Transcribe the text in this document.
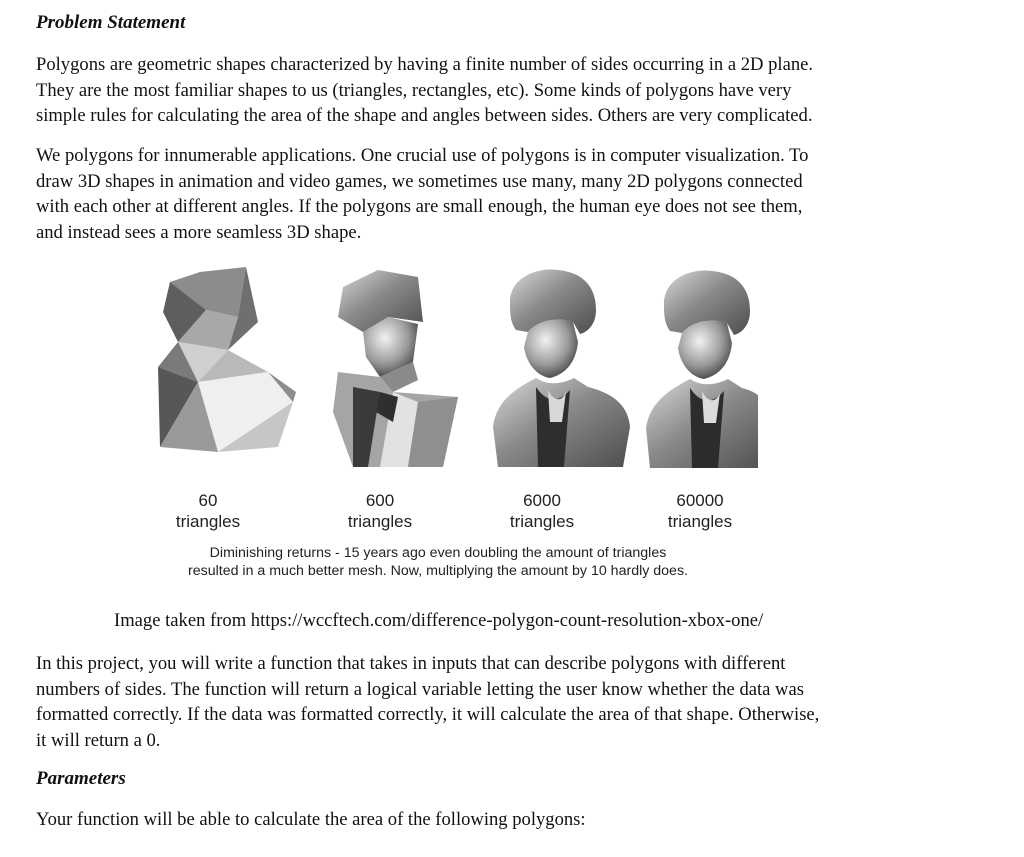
Problem Statement
Polygons are geometric shapes characterized by having a finite number of sides occurring in a 2D plane.
They are the most familiar shapes to us (triangles, rectangles, etc). Some kinds of polygons have very
simple rules for calculating the area of the shape and angles between sides. Others are very complicated.
We polygons for innumerable applications. One crucial use of polygons is in computer visualization. To
draw 3D shapes in animation and video games, we sometimes use many, many 2D polygons connected
with each other at different angles. If the polygons are small enough, the human eye does not see them,
and instead sees a more seamless 3D shape.
Image taken from https://wccftech.com/difference-polygon-count-resolution-xbox-one/
In this project, you will write a function that takes in inputs that can describe polygons with different
numbers of sides. The function will return a logical variable letting the user know whether the data was
formatted correctly. If the data was formatted correctly, it will calculate the area of that shape. Otherwise,
it will return a 0.
Parameters
Your function will be able to calculate the area of the following polygons:
60
triangles
600
triangles
6000
triangles
60000
triangles
Diminishing returns - 15 years ago even doubling the amount of triangles
resulted in a much better mesh. Now, multiplying the amount by 10 hardly does.
